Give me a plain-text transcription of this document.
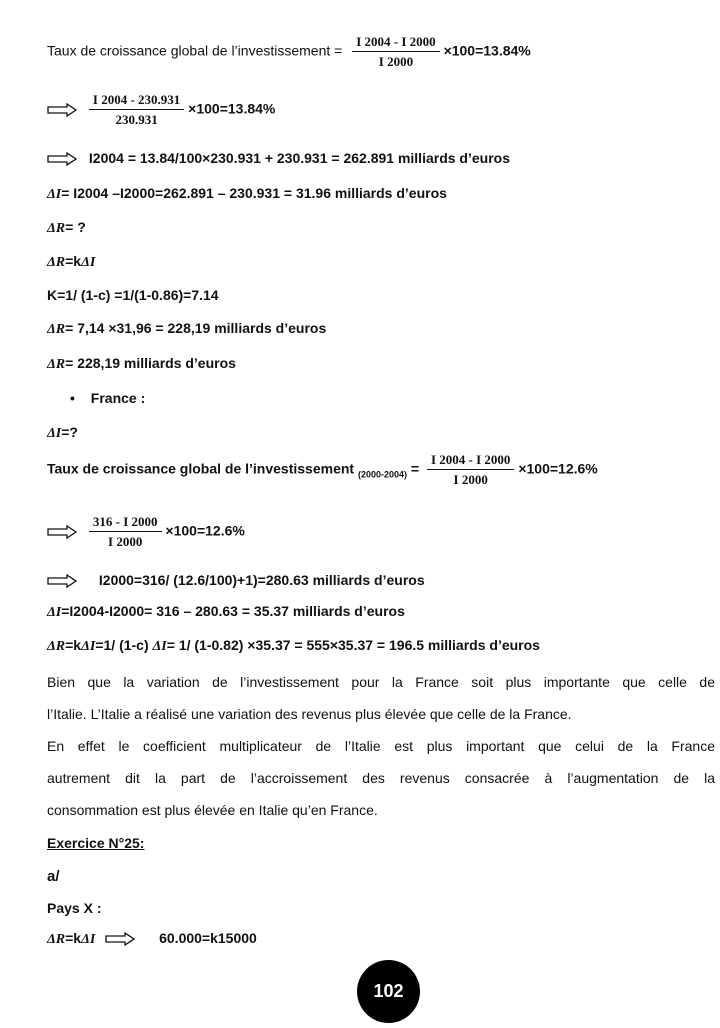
Taux de croissance global de l’investissement = $\frac{I 2004 - I 2000}{I 2000} \times 100=13.84\%$

$\frac{I 2004 - 230.931}{230.931} \times 100=13.84\%$
I2004 = 13.84/100×230.931 + 230.931 = 262.891 milliards d’euros
ΔI= I2004 –I2000=262.891 – 230.931 = 31.96 milliards d’euros
ΔR= ?
ΔR=kΔI
K=1/ (1-c) =1/(1-0.86)=7.14
ΔR= 7,14 ×31,96 = 228,19 milliards d’euros
ΔR= 228,19 milliards d’euros
• France :
ΔI=?
Taux de croissance global de l’investissement $_{(2000-2004)} = \frac{I 2004 - I 2000}{I 2000} \times 100=12.6\%$

$\frac{316 - I 2000}{I 2000} \times 100=12.6\%$
I2000=316/ (12.6/100)+1)=280.63 milliards d’euros
ΔI=I2004-I2000= 316 – 280.63 = 35.37 milliards d’euros
ΔR=kΔI=1/ (1-c) ΔI= 1/ (1-0.82) ×35.37 = 555×35.37 = 196.5 milliards d’euros
Bien que la variation de l’investissement pour la France soit plus importante que celle de
l’Italie. L’Italie a réalisé une variation des revenus plus élevée que celle de la France.
En effet le coefficient multiplicateur de l’Italie est plus important que celui de la France
autrement dit la part de l’accroissement des revenus consacrée à l’augmentation de la
consommation est plus élevée en Italie qu’en France.
Exercice N°25:
a/
Pays X :
ΔR=kΔI	60.000=k15000
102
